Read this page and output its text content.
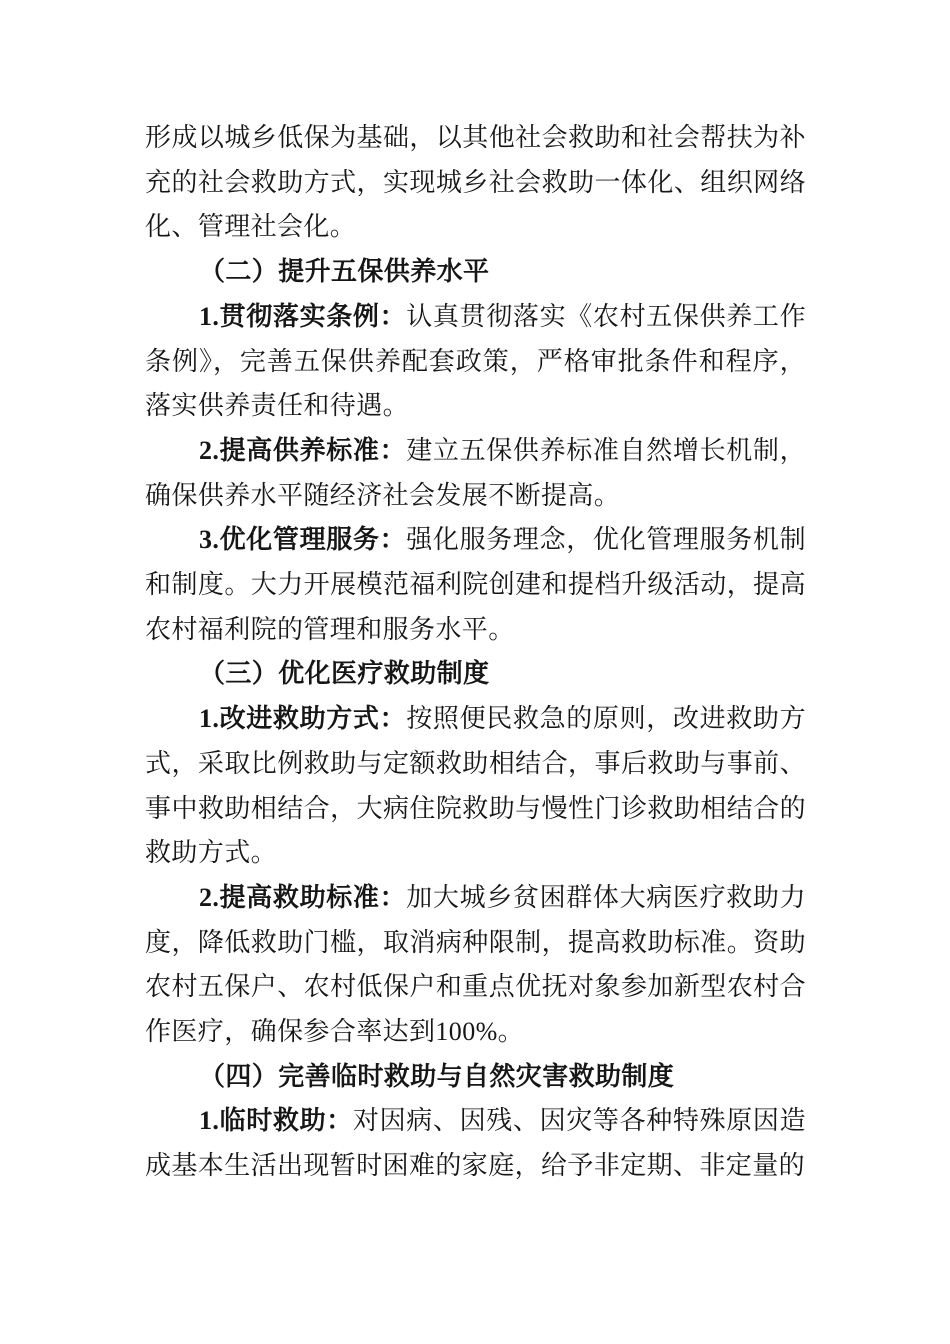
形成以城乡低保为基础，以其他社会救助和社会帮扶为补充的社会救助方式，实现城乡社会救助一体化、组织网络化、管理社会化。

（二）提升五保供养水平

1.贯彻落实条例：认真贯彻落实《农村五保供养工作条例》，完善五保供养配套政策，严格审批条件和程序，落实供养责任和待遇。

2.提高供养标准：建立五保供养标准自然增长机制，确保供养水平随经济社会发展不断提高。

3.优化管理服务：强化服务理念，优化管理服务机制和制度。大力开展模范福利院创建和提档升级活动，提高农村福利院的管理和服务水平。

（三）优化医疗救助制度

1.改进救助方式：按照便民救急的原则，改进救助方式，采取比例救助与定额救助相结合，事后救助与事前、事中救助相结合，大病住院救助与慢性门诊救助相结合的救助方式。

2.提高救助标准：加大城乡贫困群体大病医疗救助力度，降低救助门槛，取消病种限制，提高救助标准。资助农村五保户、农村低保户和重点优抚对象参加新型农村合作医疗，确保参合率达到100%。

（四）完善临时救助与自然灾害救助制度

1.临时救助：对因病、因残、因灾等各种特殊原因造成基本生活出现暂时困难的家庭，给予非定期、非定量的
